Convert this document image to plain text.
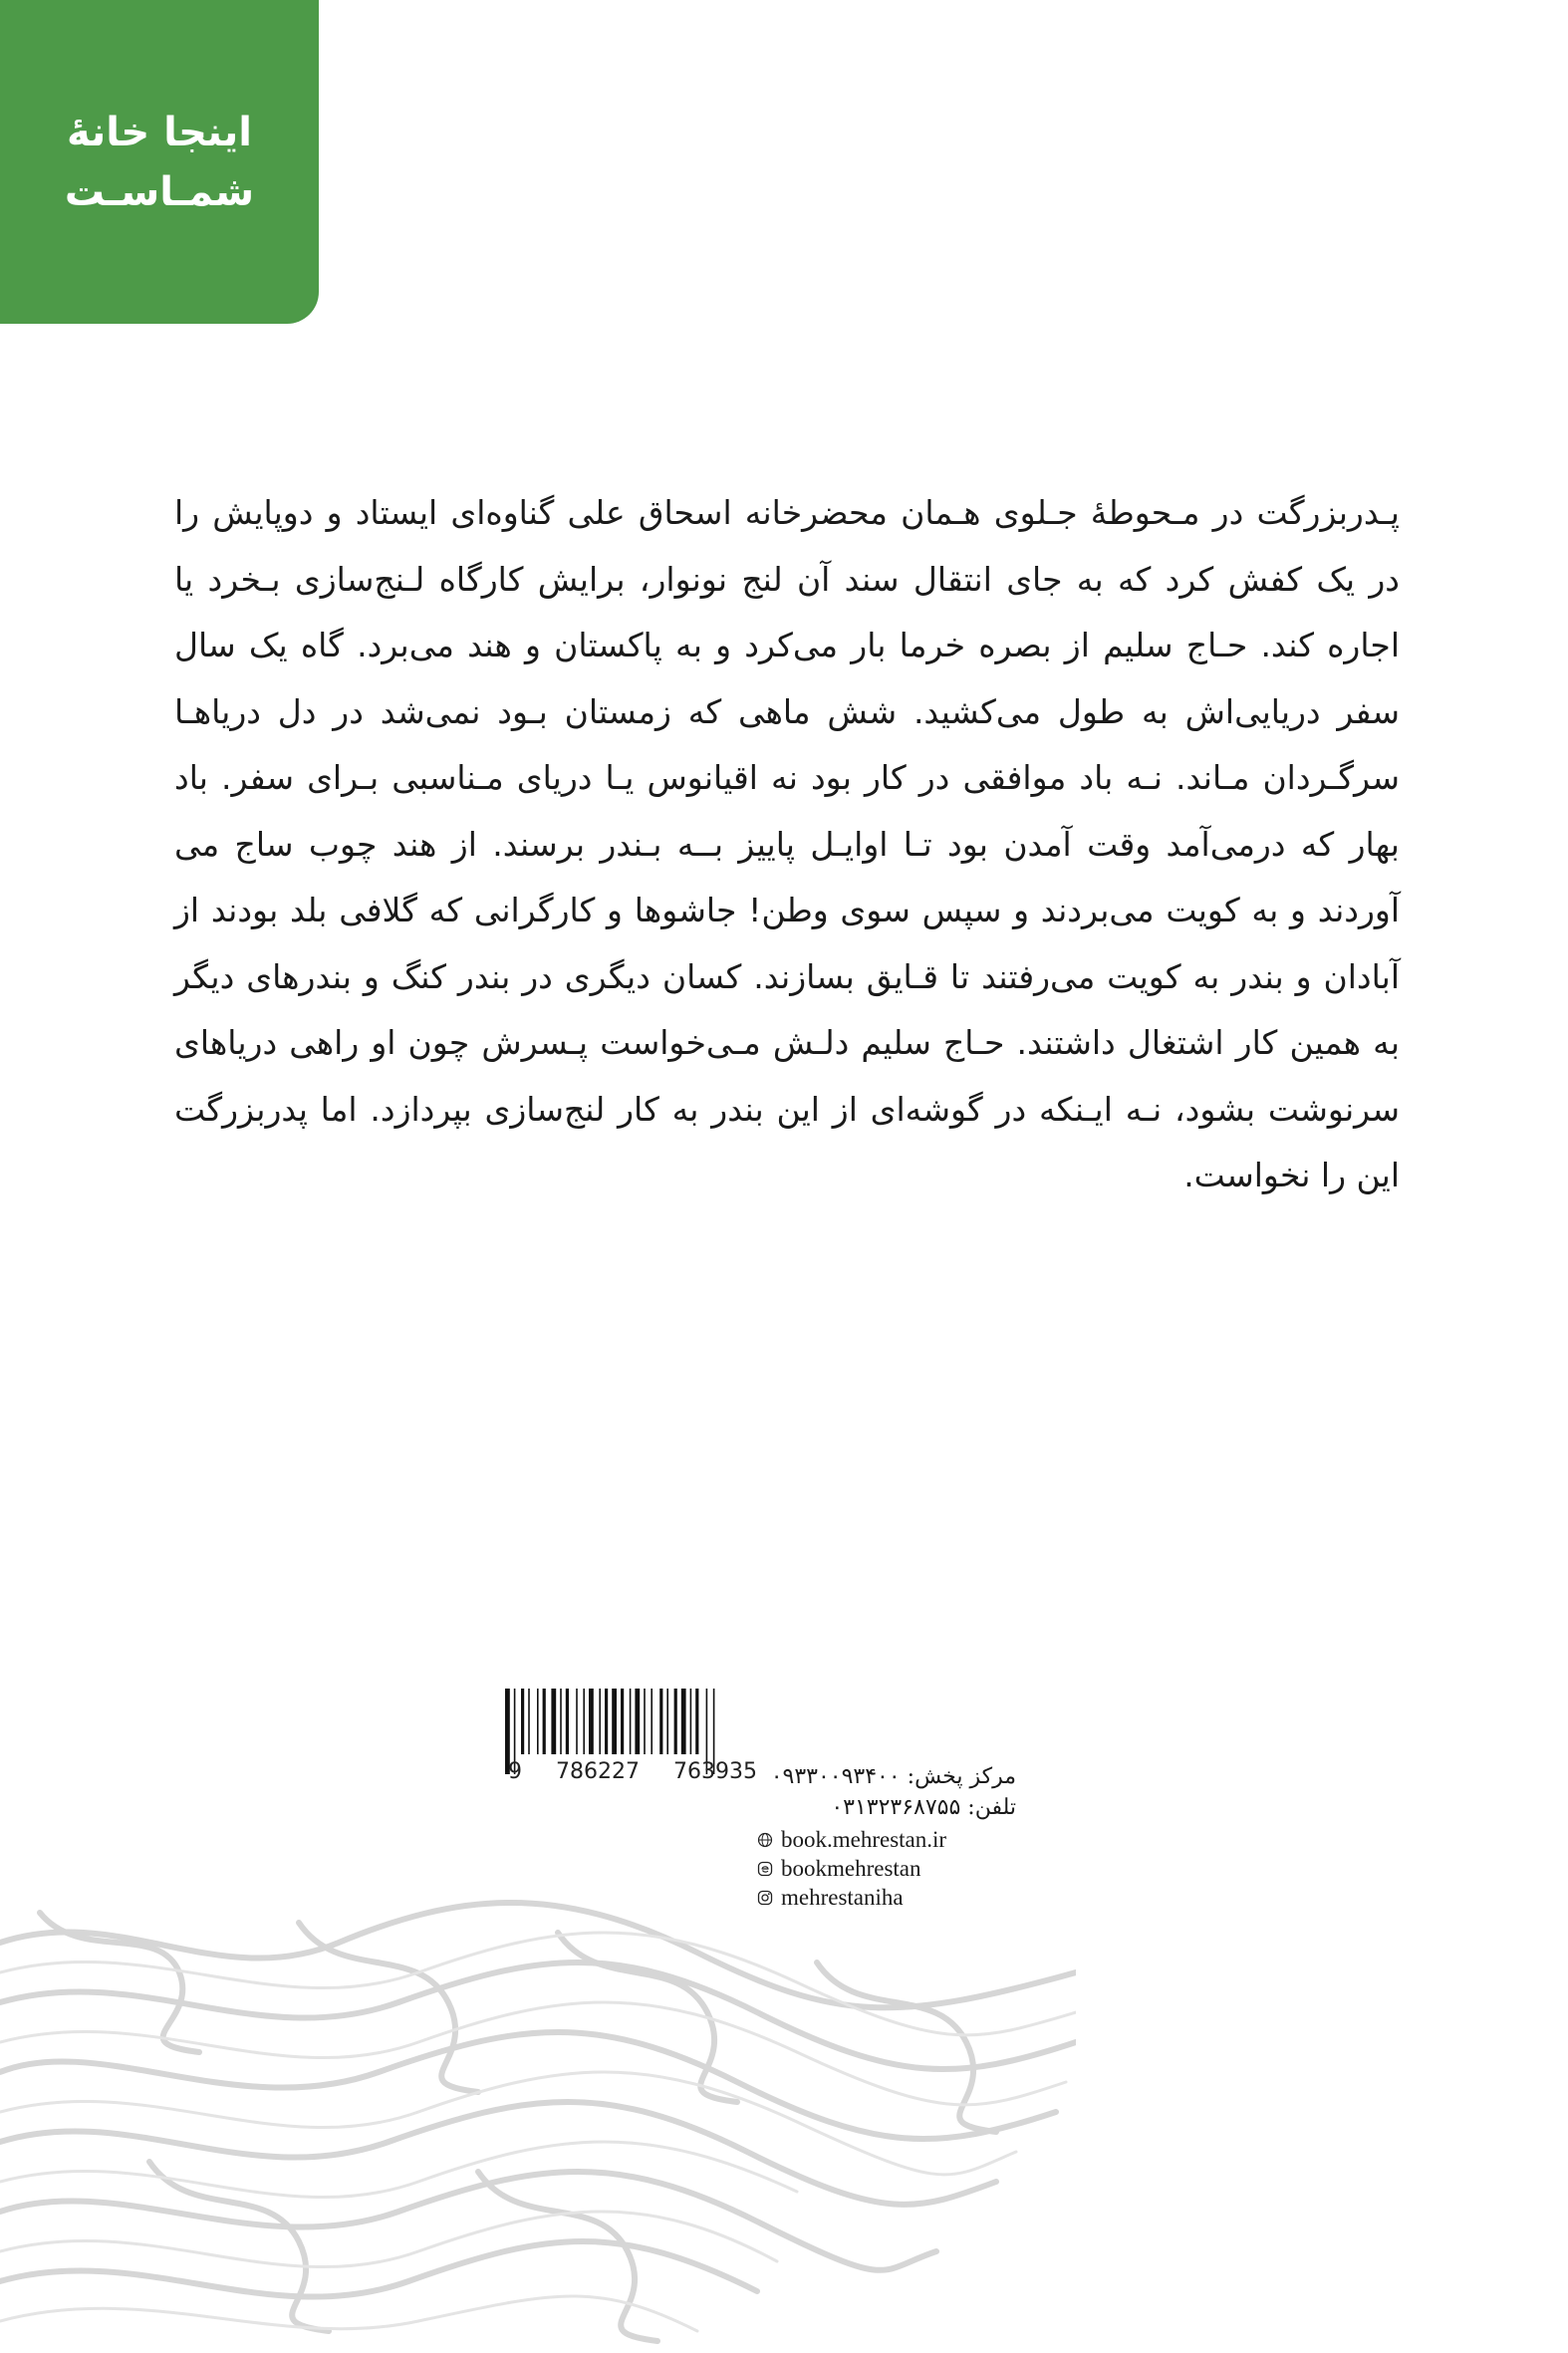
اینجا خانهٔ
شمـاسـت
پـدربزرگت در مـحوطهٔ جـلوی هـمان محضرخانه اسحاق علی گناوه‌ای ایستاد و دوپایش را در یک کفش کرد که به جای انتقال سند آن لنج نونوار، برایش کارگاه لـنج‌سازی بـخرد یا اجاره کند. حـاج سلیم از بصره خرما بار می‌کرد و به پاکستان و هند می‌برد. گاه یک سال سفر دریایی‌اش به طول می‌کشید. شش ماهی که زمستان بـود نمی‌شد در دل دریاهـا سرگـردان مـاند. نـه باد موافقی در کار بود نه اقیانوس یـا دریای مـناسبی بـرای سفر. باد بهار که درمی‌آمد وقت آمدن بود تـا اوایـل پاییز بــه بـندر برسند. از هند چوب ساج می آوردند و به کویت می‌بردند و سپس سوی وطن! جاشوها و کارگرانی که گلافی بلد بودند از آبادان و بندر به کویت می‌رفتند تا قـایق بسازند. کسان دیگری در بندر کنگ و بندرهای دیگر به همین کار اشتغال داشتند. حـاج سلیم دلـش مـی‌خواست پـسرش چون او راهی دریاهای سرنوشت بشود، نـه ایـنکه در گوشه‌ای از این بندر به کار لنج‌سازی بپردازد. اما پدربزرگت این را نخواست.
9 786227 763935 مرکز پخش: ۰۹۳۳۰۰۹۳۴۰۰
تلفن: ۰۳۱۳۲۳۶۸۷۵۵
book.mehrestan.ir
bookmehrestan
mehrestaniha
